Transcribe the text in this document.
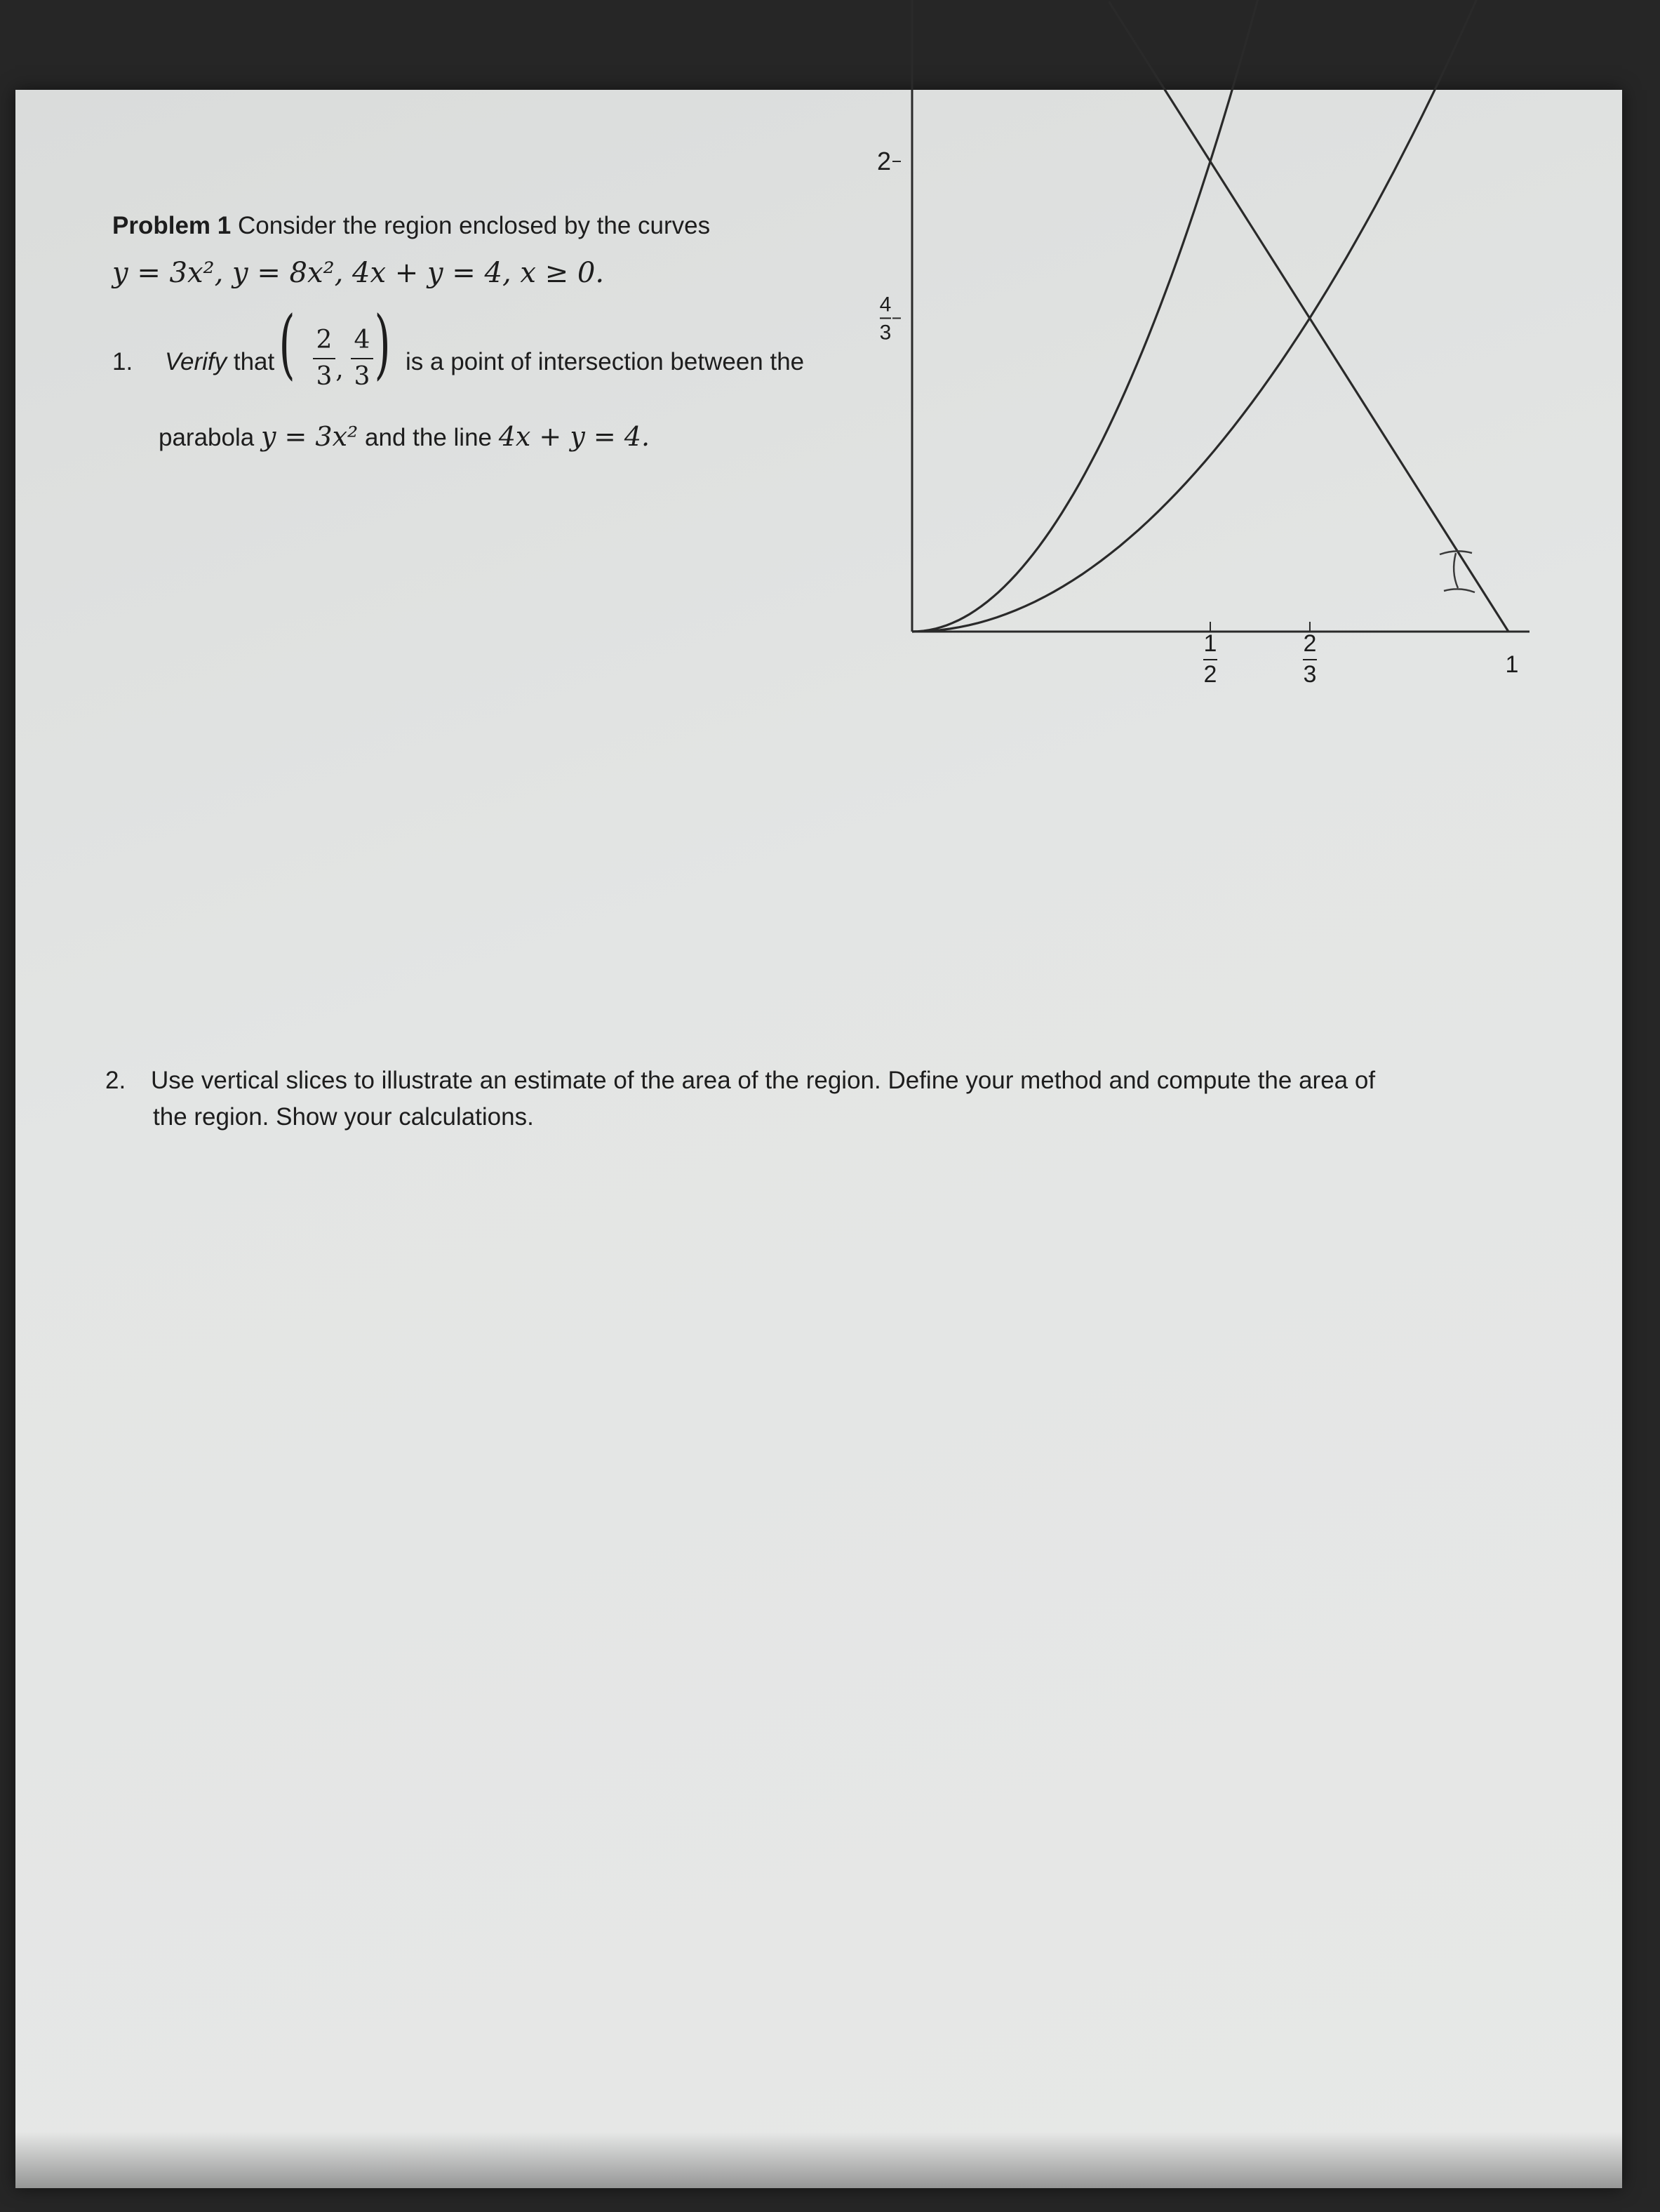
Problem 1 Consider the region enclosed by the curves
y = 3x², y = 8x², 4x + y = 4, x ≥ 0.
1. Verify that ( 2
3 ,
4
3 ) is a point of intersection between the
parabola y = 3x² and the line 4x + y = 4.
1
2
2
3	1
2
4
3
2. Use vertical slices to illustrate an estimate of the area of the region. Define your method and compute the area of
the region. Show your calculations.
